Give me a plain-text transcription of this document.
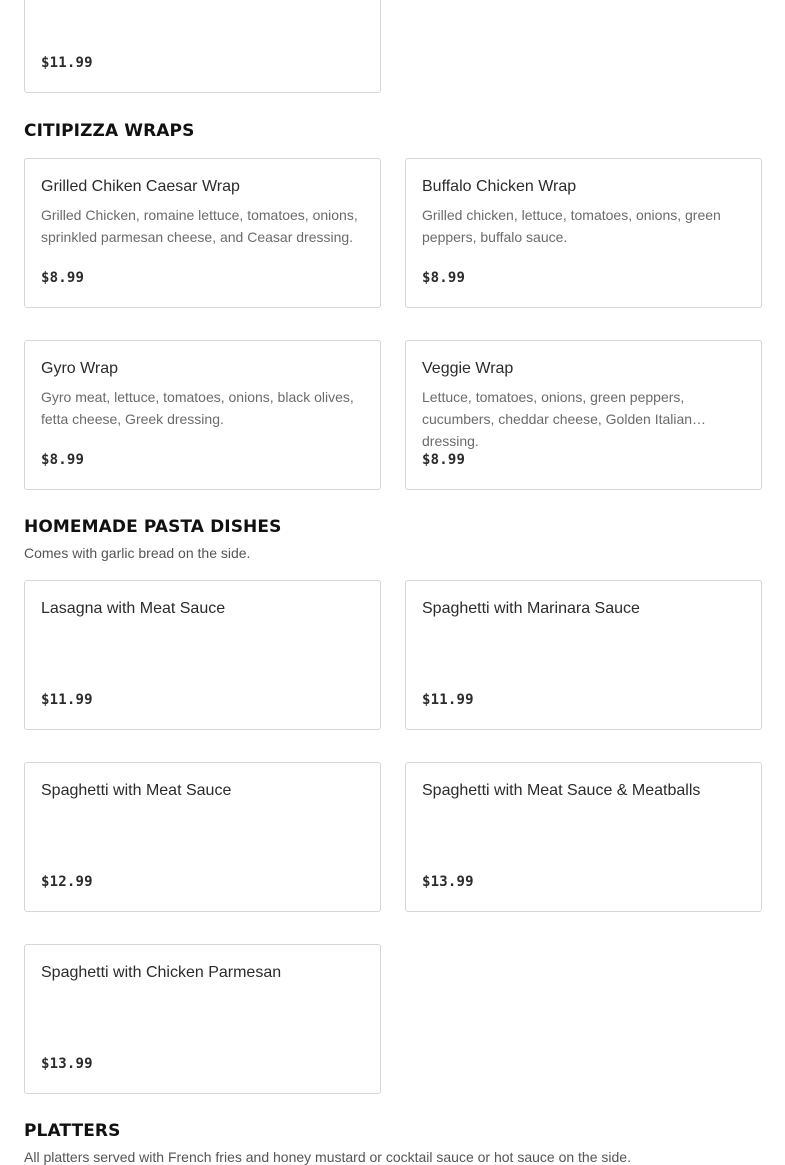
$11.99
CITIPIZZA WRAPS
Grilled Chiken Caesar Wrap
Grilled Chicken, romaine lettuce, tomatoes, onions, sprinkled parmesan cheese, and Ceasar dressing.
$8.99
Buffalo Chicken Wrap
Grilled chicken, lettuce, tomatoes, onions, green peppers, buffalo sauce.
$8.99
Gyro Wrap
Gyro meat, lettuce, tomatoes, onions, black olives, fetta cheese, Greek dressing.
$8.99
Veggie Wrap
Lettuce, tomatoes, onions, green peppers, cucumbers, cheddar cheese, Golden Italian dressing.
$8.99
HOMEMADE PASTA DISHES
Comes with garlic bread on the side.
Lasagna with Meat Sauce
$11.99
Spaghetti with Marinara Sauce
$11.99
Spaghetti with Meat Sauce
$12.99
Spaghetti with Meat Sauce & Meatballs
$13.99
Spaghetti with Chicken Parmesan
$13.99
PLATTERS
All platters served with French fries and honey mustard or cocktail sauce or hot sauce on the side.
